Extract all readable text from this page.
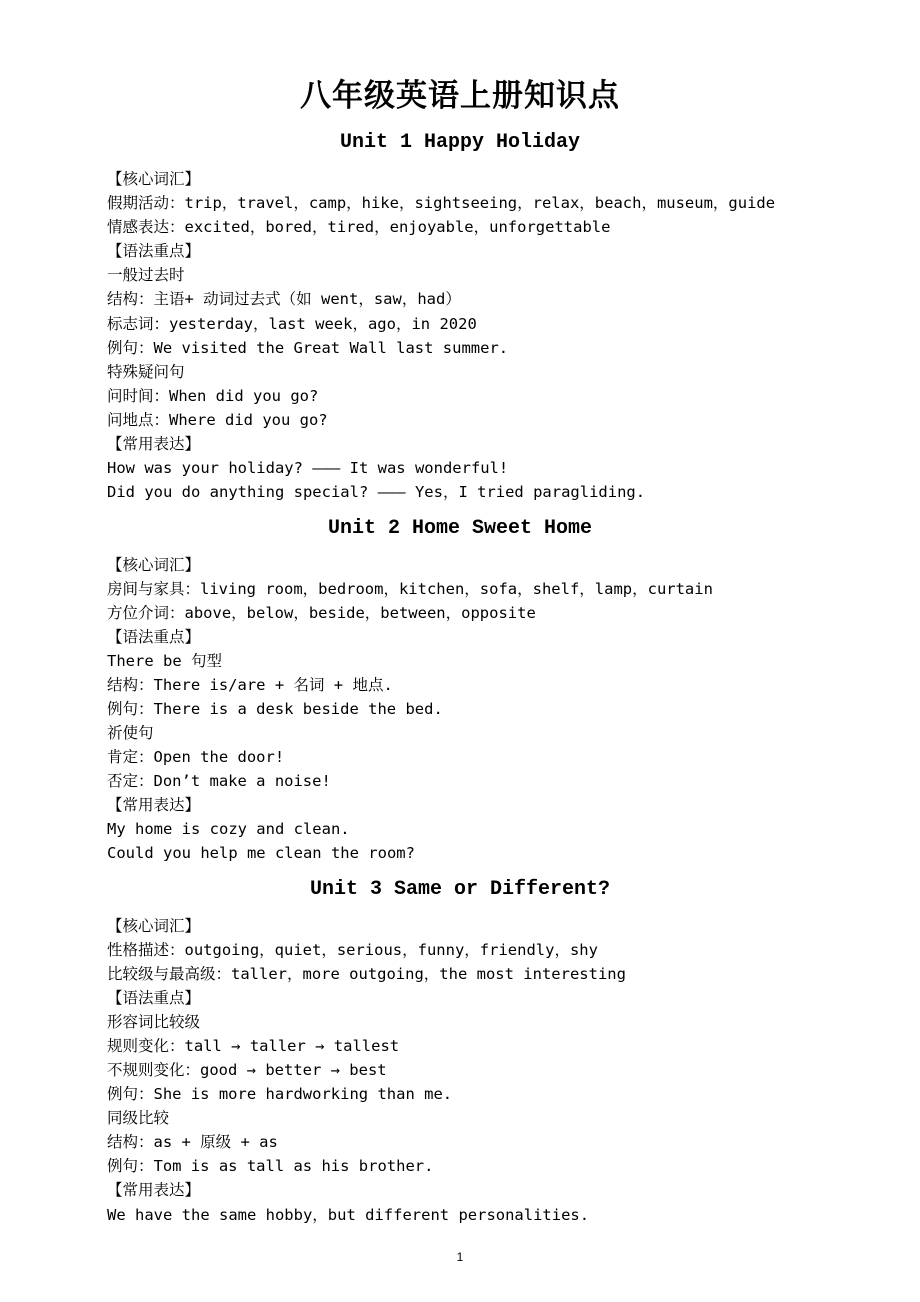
八年级英语上册知识点
Unit 1 Happy Holiday

【核心词汇】

假期活动：trip，travel，camp，hike，sightseeing，relax，beach，museum，guide

情感表达：excited，bored，tired，enjoyable，unforgettable

【语法重点】

一般过去时

结构：主语+ 动词过去式（如 went，saw，had）

标志词：yesterday，last week，ago，in 2020

例句：We visited the Great Wall last summer.

特殊疑问句

问时间：When did you go?

问地点：Where did you go?

【常用表达】

How was your holiday? ——— It was wonderful!

Did you do anything special? ——— Yes，I tried paragliding.

Unit 2 Home Sweet Home

【核心词汇】

房间与家具：living room，bedroom，kitchen，sofa，shelf，lamp，curtain

方位介词：above，below，beside，between，opposite

【语法重点】

There be 句型

结构：There is/are + 名词 + 地点.

例句：There is a desk beside the bed.

祈使句

肯定：Open the door!

否定：Don’t make a noise!

【常用表达】

My home is cozy and clean.

Could you help me clean the room?

Unit 3 Same or Different?

【核心词汇】

性格描述：outgoing，quiet，serious，funny，friendly，shy

比较级与最高级：taller，more outgoing，the most interesting

【语法重点】

形容词比较级

规则变化：tall → taller → tallest

不规则变化：good → better → best

例句：She is more hardworking than me.

同级比较

结构：as + 原级 + as

例句：Tom is as tall as his brother.

【常用表达】

We have the same hobby，but different personalities.

1
